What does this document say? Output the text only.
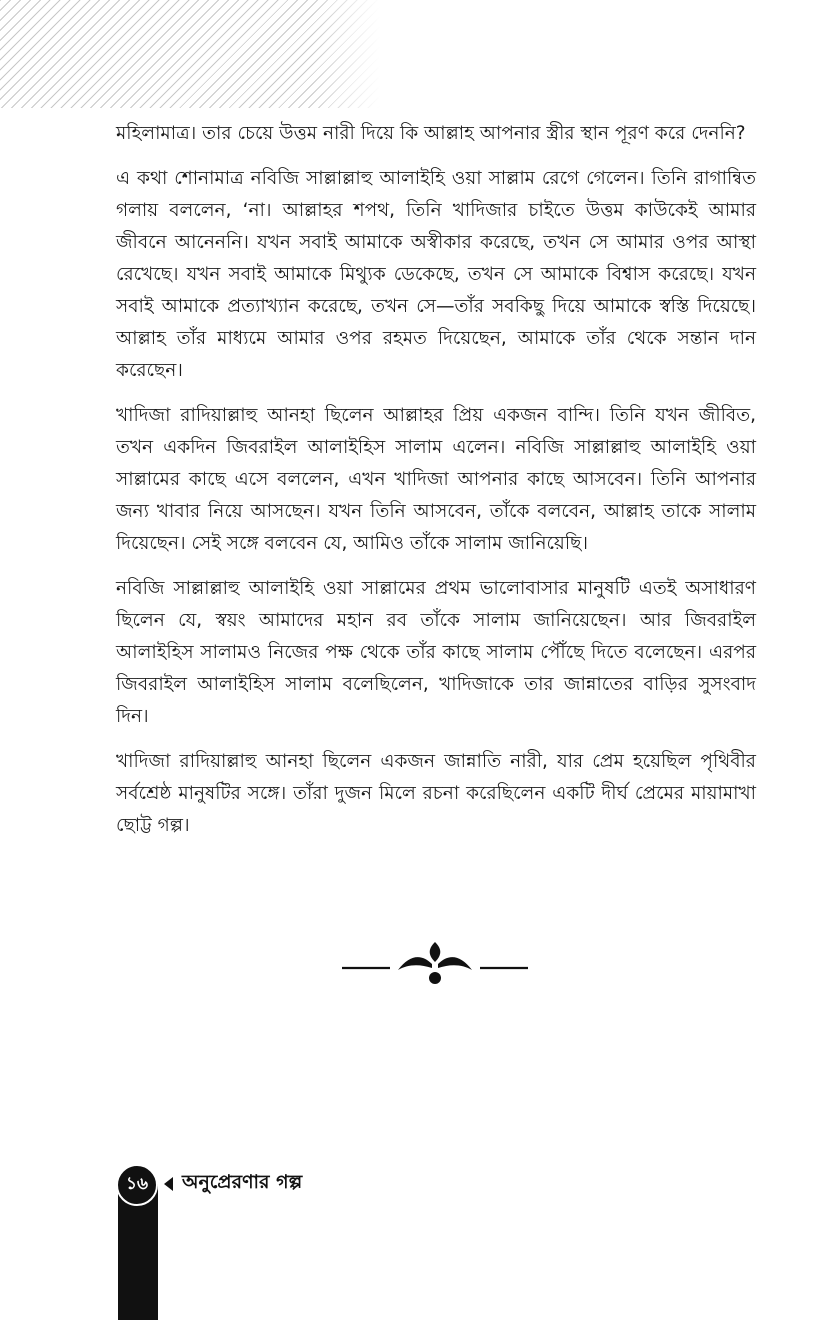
মহিলামাত্র। তার চেয়ে উত্তম নারী দিয়ে কি আল্লাহ আপনার স্ত্রীর স্থান পূরণ করে দেননি?

এ কথা শোনামাত্র নবিজি সাল্লাল্লাহু আলাইহি ওয়া সাল্লাম রেগে গেলেন। তিনি রাগান্বিত গলায় বললেন, ‘না। আল্লাহর শপথ, তিনি খাদিজার চাইতে উত্তম কাউকেই আমার জীবনে আনেননি। যখন সবাই আমাকে অস্বীকার করেছে, তখন সে আমার ওপর আস্থা রেখেছে। যখন সবাই আমাকে মিথ্যুক ডেকেছে, তখন সে আমাকে বিশ্বাস করেছে। যখন সবাই আমাকে প্রত্যাখ্যান করেছে, তখন সে—তাঁর সবকিছু দিয়ে আমাকে স্বস্তি দিয়েছে। আল্লাহ তাঁর মাধ্যমে আমার ওপর রহমত দিয়েছেন, আমাকে তাঁর থেকে সন্তান দান করেছেন।

খাদিজা রাদিয়াল্লাহু আনহা ছিলেন আল্লাহর প্রিয় একজন বান্দি। তিনি যখন জীবিত, তখন একদিন জিবরাইল আলাইহিস সালাম এলেন। নবিজি সাল্লাল্লাহু আলাইহি ওয়া সাল্লামের কাছে এসে বললেন, এখন খাদিজা আপনার কাছে আসবেন। তিনি আপনার জন্য খাবার নিয়ে আসছেন। যখন তিনি আসবেন, তাঁকে বলবেন, আল্লাহ তাকে সালাম দিয়েছেন। সেই সঙ্গে বলবেন যে, আমিও তাঁকে সালাম জানিয়েছি।

নবিজি সাল্লাল্লাহু আলাইহি ওয়া সাল্লামের প্রথম ভালোবাসার মানুষটি এতই অসাধারণ ছিলেন যে, স্বয়ং আমাদের মহান রব তাঁকে সালাম জানিয়েছেন। আর জিবরাইল আলাইহিস সালামও নিজের পক্ষ থেকে তাঁর কাছে সালাম পৌঁছে দিতে বলেছেন। এরপর জিবরাইল আলাইহিস সালাম বলেছিলেন, খাদিজাকে তার জান্নাতের বাড়ির সুসংবাদ দিন।

খাদিজা রাদিয়াল্লাহু আনহা ছিলেন একজন জান্নাতি নারী, যার প্রেম হয়েছিল পৃথিবীর সর্বশ্রেষ্ঠ মানুষটির সঙ্গে। তাঁরা দুজন মিলে রচনা করেছিলেন একটি দীর্ঘ প্রেমের মায়ামাখা ছোট্ট গল্প।

১৬	অনুপ্রেরণার গল্প
